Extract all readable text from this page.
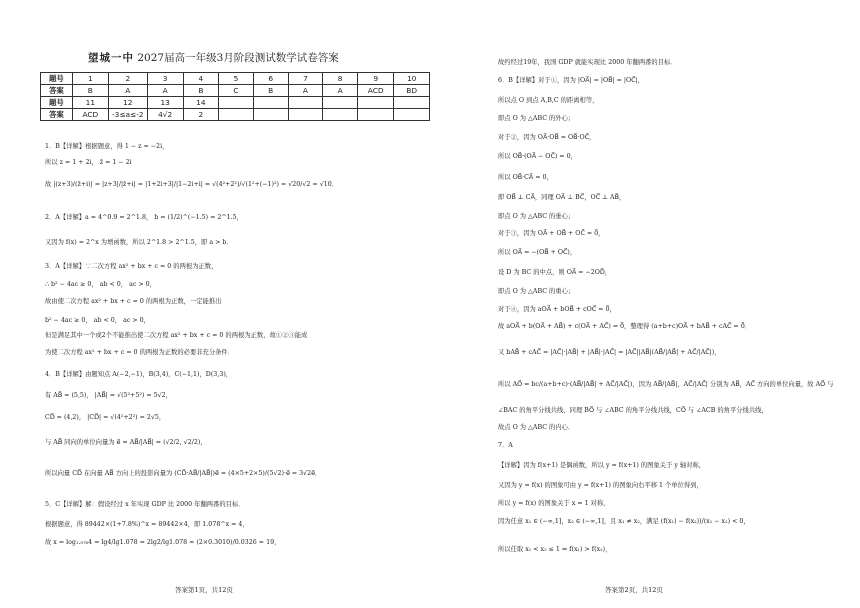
望城一中 2027届高一年级3月阶段测试数学试卷答案
题号	1	2	3	4	5	6	7	8	9	10
答案	B	A	A	B	C	B	A	A	ACD	BD
题号	11	12	13	14						
答案	ACD	-3≤a≤-2	4√2	2						
1．B【详解】根据题意，得 1 − z = −2i，
所以 z = 1 + 2i， z̄ = 1 − 2i
故 |(z+3)/(z̄+i)| = |z+3|/|z̄+i| = |1+2i+3|/|1−2i+i| = √(4²+2²)/√(1²+(−1)²) = √20/√2 = √10．
2．A【详解】a = 4^0.9 = 2^1.8， b = (1/2)^(−1.5) = 2^1.5，
又因为 f(x) = 2^x 为增函数，所以 2^1.8 > 2^1.5，即 a > b．
3．A【详解】∵二次方程 ax² + bx + c = 0 的两根为正数，
∴ b² − 4ac ≥ 0， ab < 0， ac > 0，
故由使二次方程 ax² + bx + c = 0 的两根为正数，一定能推出
b² − 4ac ≥ 0， ab < 0， ac > 0，
但是满足其中一个或2个不能推出使二次方程 ax² + bx + c = 0 的两根为正数，故①②③能成
为使二次方程 ax² + bx + c = 0 的两根为正数的必要非充分条件．
4．B【详解】由题知点 A(−2,−1)，B(3,4)，C(−1,1)，D(3,3)，
有 AB⃗ = (5,5)， |AB⃗| = √(5²+5²) = 5√2，
CD⃗ = (4,2)， |CD⃗| = √(4²+2²) = 2√5，
与 AB⃗ 同向的单位向量为 e⃗ = AB⃗/|AB⃗| = (√2/2, √2/2)，
所以向量 CD⃗ 在向量 AB⃗ 方向上的投影向量为 (CD⃗·AB⃗/|AB⃗|)e⃗ = (4×5+2×5)/(5√2)·e⃗ = 3√2e⃗．
5．C【详解】解：假设经过 x 年实现 GDP 比 2000 年翻两番的目标．
根据题意，得 89442×(1+7.8%)^x = 89442×4，即 1.078^x = 4，
故 x = log₁.₀₇₈4 = lg4/lg1.078 = 2lg2/lg1.078 ≈ (2×0.3010)/0.0326 ≈ 19，
答案第1页，共12页
故约经过19年，我国 GDP 就能实现比 2000 年翻两番的目标．
6．B【详解】对于①，因为 |OA⃗| = |OB⃗| = |OC⃗|，
所以点 O 到点 A,B,C 的距离相等，
即点 O 为 △ABC 的外心；
对于②，因为 OA⃗·OB⃗ = OB⃗·OC⃗，
所以 OB⃗·(OA⃗ − OC⃗) = 0，
所以 OB⃗·CA⃗ = 0，
即 OB⃗ ⊥ CA⃗，同理 OA⃗ ⊥ BC⃗，OC⃗ ⊥ AB⃗，
即点 O 为 △ABC 的垂心；
对于③，因为 OA⃗ + OB⃗ + OC⃗ = 0⃗，
所以 OA⃗ = −(OB⃗ + OC⃗)，
设 D 为 BC 的中点，则 OA⃗ = −2OD⃗，
即点 O 为 △ABC 的重心；
对于④，因为 aOA⃗ + bOB⃗ + cOC⃗ = 0⃗，
故 aOA⃗ + b(OA⃗ + AB⃗) + c(OA⃗ + AC⃗) = 0⃗，整理得 (a+b+c)OA⃗ + bAB⃗ + cAC⃗ = 0⃗．
又 bAB⃗ + cAC⃗ = |AC⃗|·|AB⃗| + |AB⃗|·|AC⃗| = |AC⃗||AB⃗|(AB⃗/|AB⃗| + AC⃗/|AC⃗|)，
所以 AO⃗ = bc/(a+b+c)·(AB⃗/|AB⃗| + AC⃗/|AC⃗|)，因为 AB⃗/|AB⃗|，AC⃗/|AC⃗| 分别为 AB⃗，AC⃗ 方向的单位向量，故 AO⃗ 与
∠BAC 的角平分线共线，同理 BO⃗ 与 ∠ABC 的角平分线共线，CO⃗ 与 ∠ACB 的角平分线共线，
故点 O 为 △ABC 的内心．
7．A
【详解】因为 f(x+1) 是偶函数，所以 y = f(x+1) 的图象关于 y 轴对称，
又因为 y = f(x) 的图象可由 y = f(x+1) 的图象向右平移 1 个单位得到，
所以 y = f(x) 的图象关于 x = 1 对称，
因为任意 x₁ ∈ (−∞,1]，x₂ ∈ (−∞,1]，且 x₁ ≠ x₂，满足 (f(x₁) − f(x₂))/(x₁ − x₂) < 0，
所以任取 x₁ < x₂ ≤ 1 ⇒ f(x₁) > f(x₂)，
答案第2页，共12页
